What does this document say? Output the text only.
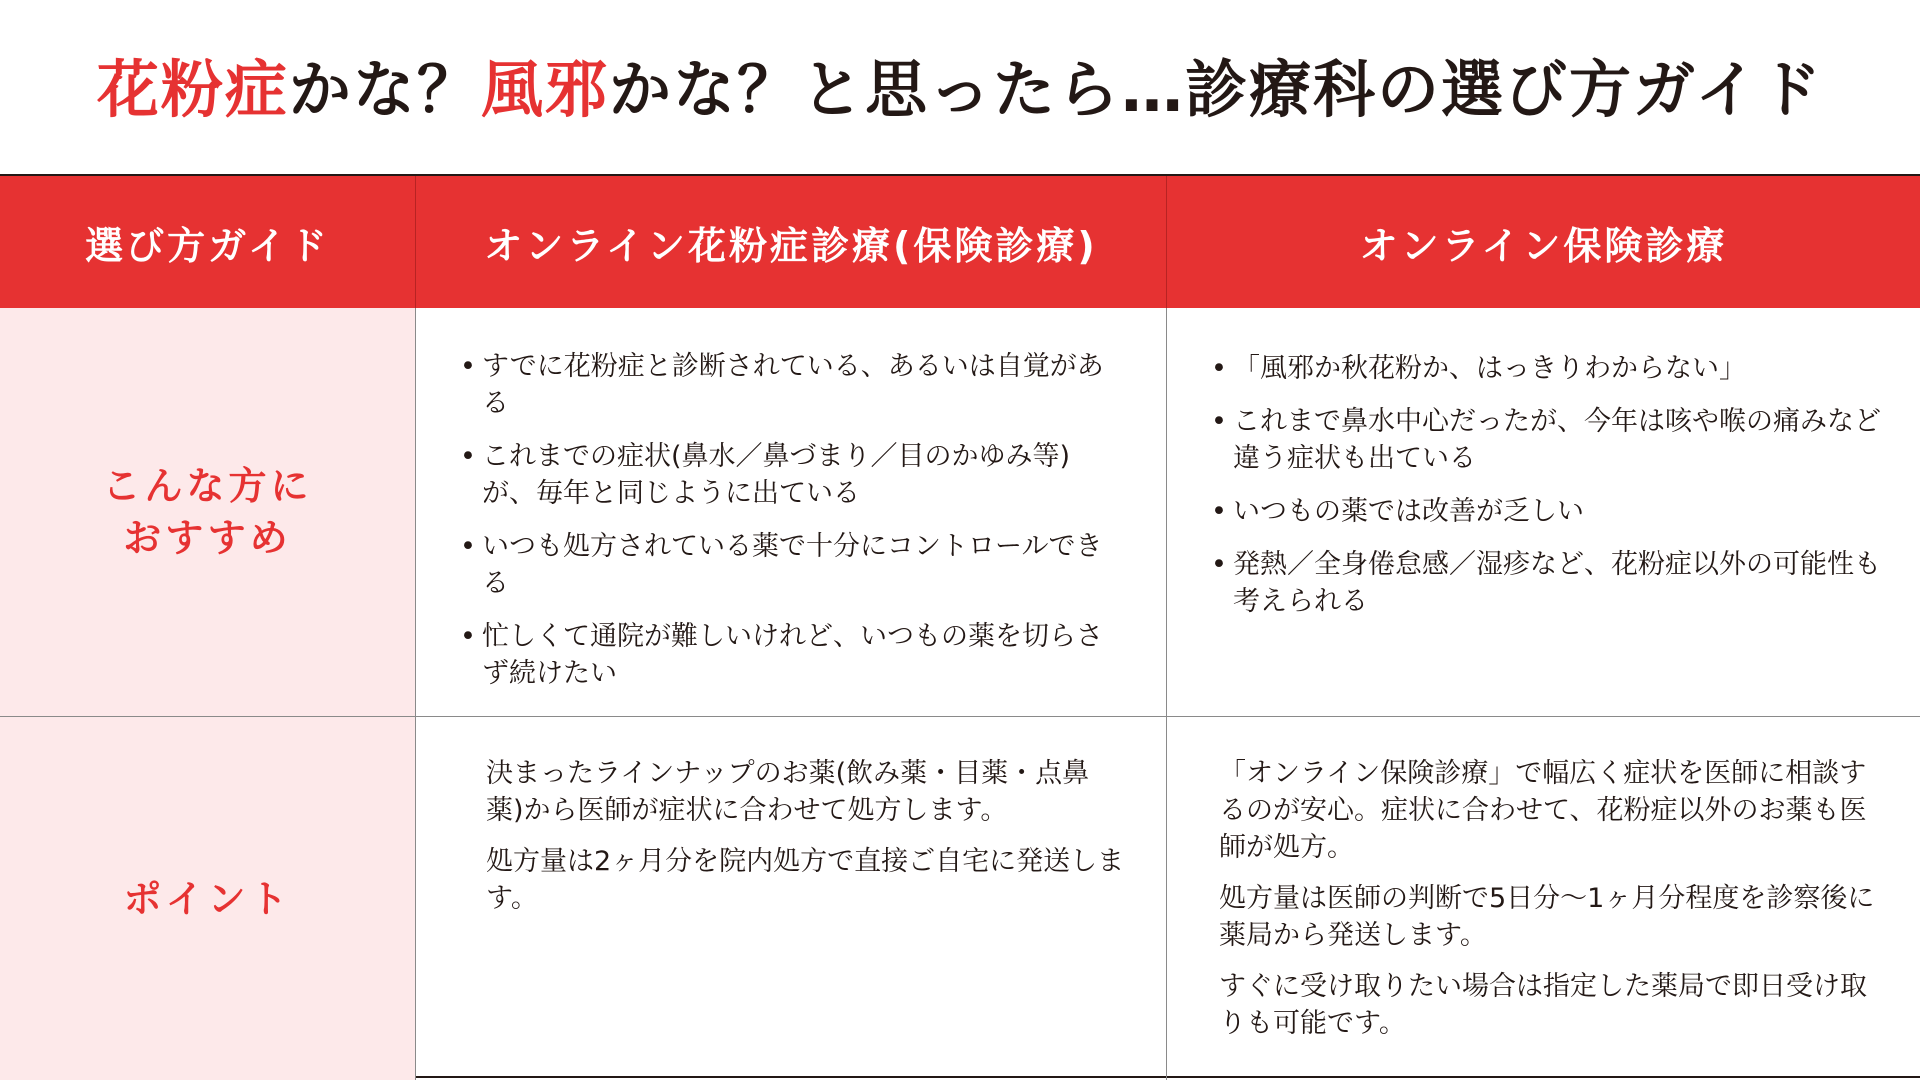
花粉症かな？風邪かな？と思ったら…診療科の選び方ガイド
選び方ガイド	オンライン花粉症診療(保険診療)	オンライン保険診療
こんな方に
おすすめ
• すでに花粉症と診断されている、あるいは自覚がある
• これまでの症状(鼻水／鼻づまり／目のかゆみ等)が、毎年と同じように出ている
• いつも処方されている薬で十分にコントロールできる
• 忙しくて通院が難しいけれど、いつもの薬を切らさず続けたい
• 「風邪か秋花粉か、はっきりわからない」
• これまで鼻水中心だったが、今年は咳や喉の痛みなど違う症状も出ている
• いつもの薬では改善が乏しい
• 発熱／全身倦怠感／湿疹など、花粉症以外の可能性も考えられる
ポイント

決まったラインナップのお薬(飲み薬・目薬・点鼻薬)から医師が症状に合わせて処方します。

処方量は2ヶ月分を院内処方で直接ご自宅に発送します。

「オンライン保険診療」で幅広く症状を医師に相談するのが安心。症状に合わせて、花粉症以外のお薬も医師が処方。

処方量は医師の判断で5日分〜1ヶ月分程度を診察後に薬局から発送します。

すぐに受け取りたい場合は指定した薬局で即日受け取りも可能です。
